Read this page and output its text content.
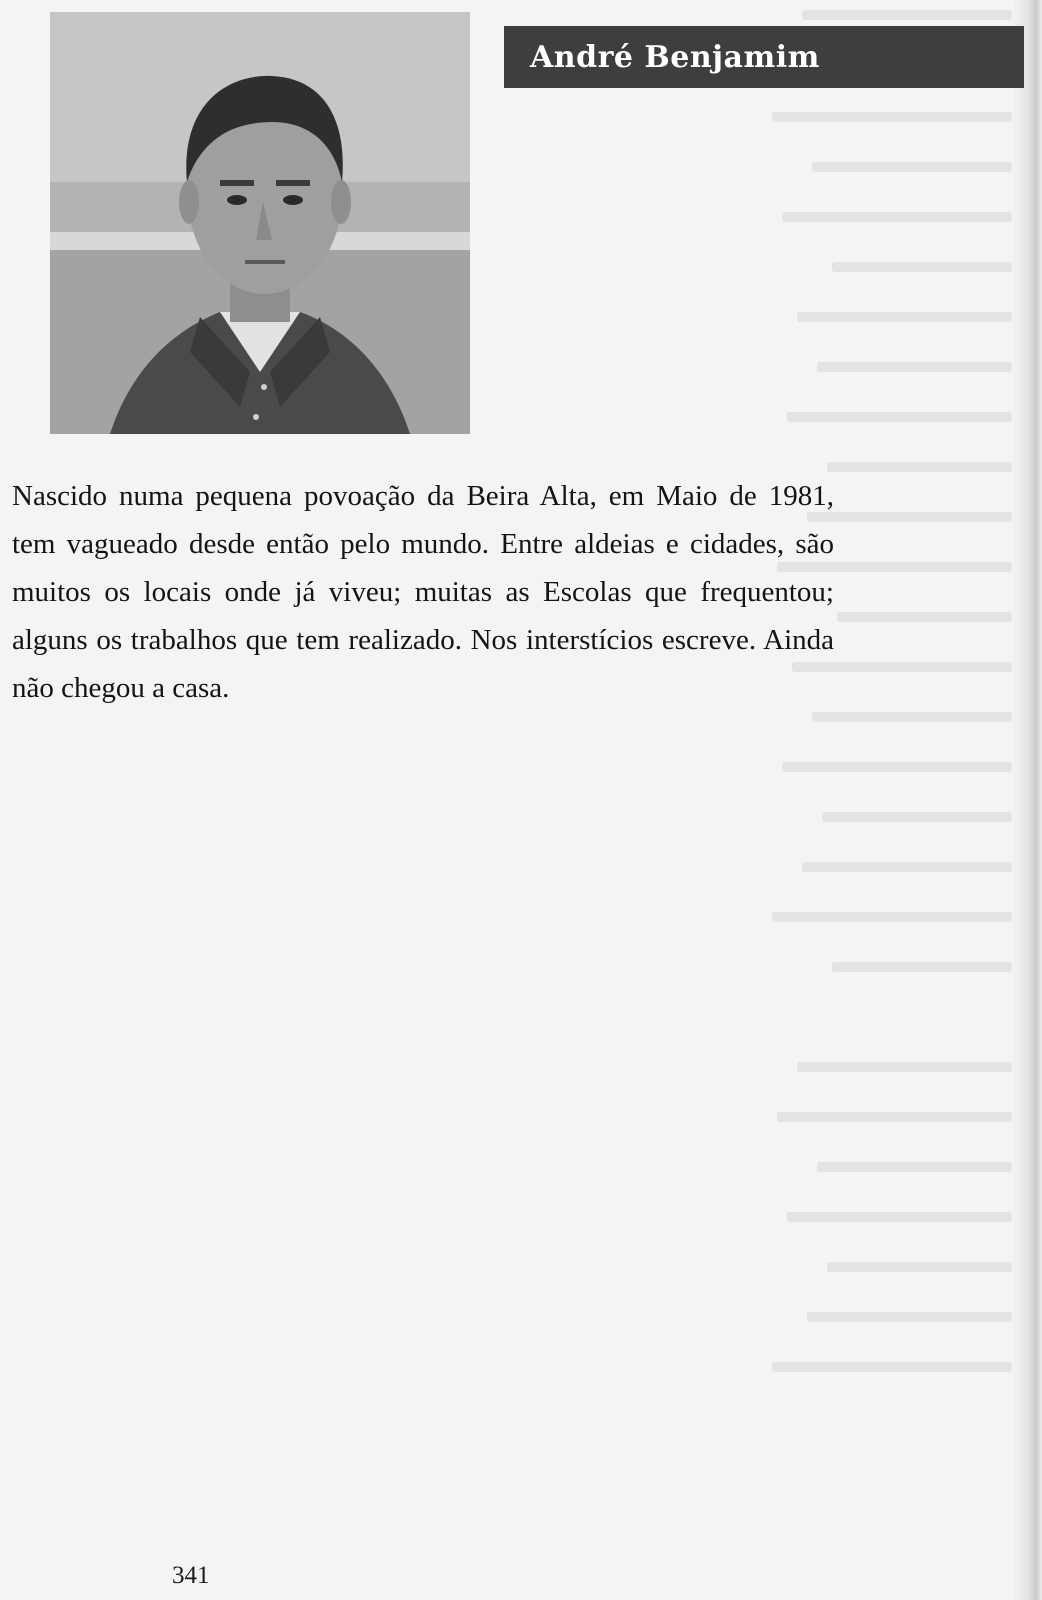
André Benjamim

Nascido numa pequena povoação da Beira Alta, em Maio de 1981, tem vagueado desde então pelo mundo. Entre aldeias e cidades, são muitos os locais onde já viveu; muitas as Escolas que frequentou; alguns os trabalhos que tem realizado. Nos interstícios escreve. Ainda não chegou a casa.

341
